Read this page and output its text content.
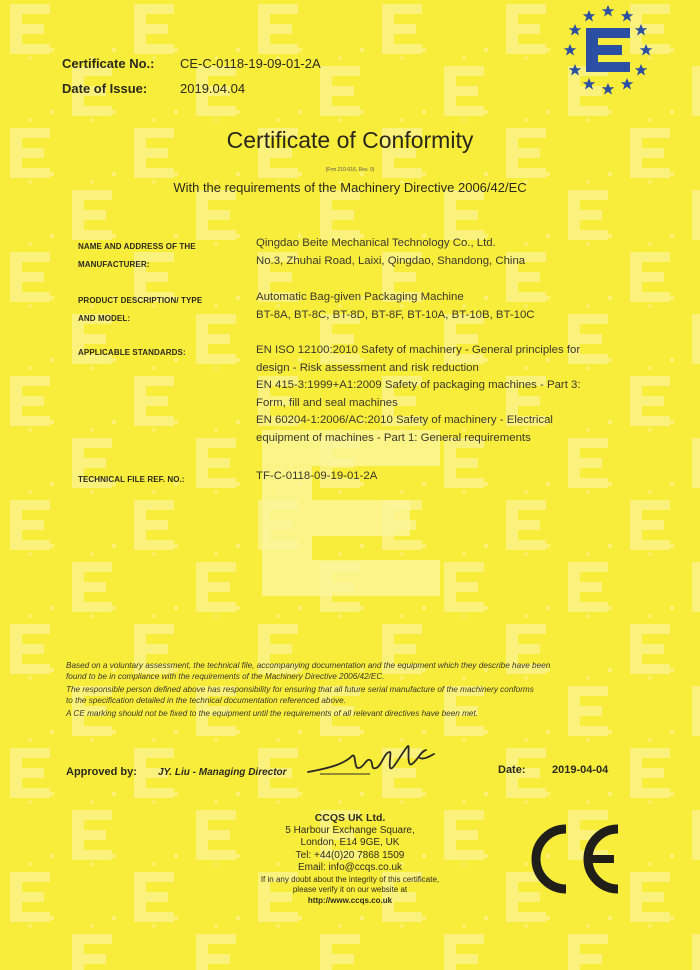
Certificate No.: CE-C-0118-19-09-01-2A
Date of Issue:	2019.04.04
Certificate of Conformity
(Frm 210-016, Rev. 0)
With the requirements of the Machinery Directive 2006/42/EC
NAME AND ADDRESS OF THE
MANUFACTURER:
Qingdao Beite Mechanical Technology Co., Ltd.
No.3, Zhuhai Road, Laixi, Qingdao, Shandong, China
PRODUCT DESCRIPTION/ TYPE
AND MODEL:
Automatic Bag-given Packaging Machine
BT-8A, BT-8C, BT-8D, BT-8F, BT-10A, BT-10B, BT-10C
APPLICABLE STANDARDS:	EN ISO 12100:2010 Safety of machinery - General principles for
design - Risk assessment and risk reduction
EN 415-3:1999+A1:2009 Safety of packaging machines - Part 3:
Form, fill and seal machines
EN 60204-1:2006/AC:2010 Safety of machinery - Electrical
equipment of machines - Part 1: General requirements
TECHNICAL FILE REF. NO.:	TF-C-0118-09-19-01-2A
Based on a voluntary assessment, the technical file, accompanying documentation and the equipment which they describe have been
found to be in compliance with the requirements of the Machinery Directive 2006/42/EC.
The responsible person defined above has responsibility for ensuring that all future serial manufacture of the machinery conforms
to the specification detailed in the technical documentation referenced above.
A CE marking should not be fixed to the equipment until the requirements of all relevant directives have been met.
Approved by: JY. Liu - Managing Director	Date: 2019-04-04
CCQS UK Ltd.
5 Harbour Exchange Square,
London, E14 9GE, UK
Tel: +44(0)20 7868 1509
Email: info@ccqs.co.uk
If in any doubt about the integrity of this certificate,
please verify it on our website at
http://www.ccqs.co.uk
